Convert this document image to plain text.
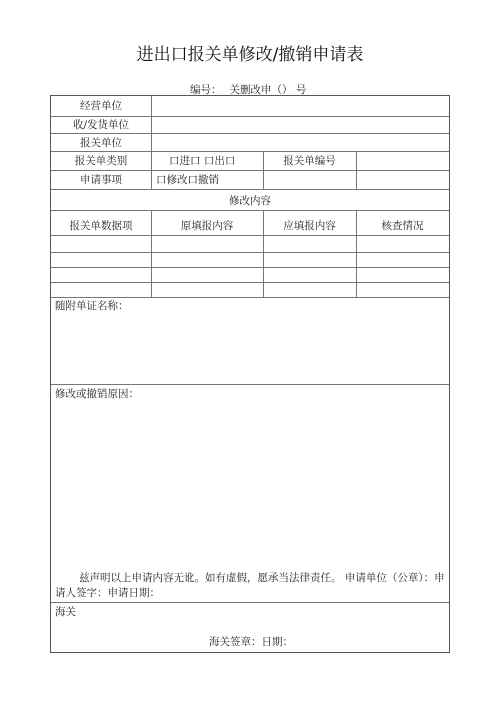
进出口报关单修改/撤销申请表
编号： 关删改申（） 号
经营单位
收/发货单位
报关单位
报关单类别	口进口 口出口	报关单编号
申请事项	口修改口撤销
修改内容
报关单数据项	原填报内容	应填报内容	核查情况
随附单证名称：
修改或撤销原因：
兹声明以上申请内容无讹。如有虚假，愿承当法律责任。 申请单位（公章）：申请人签字：申请日期：
海关
海关签章：日期：
